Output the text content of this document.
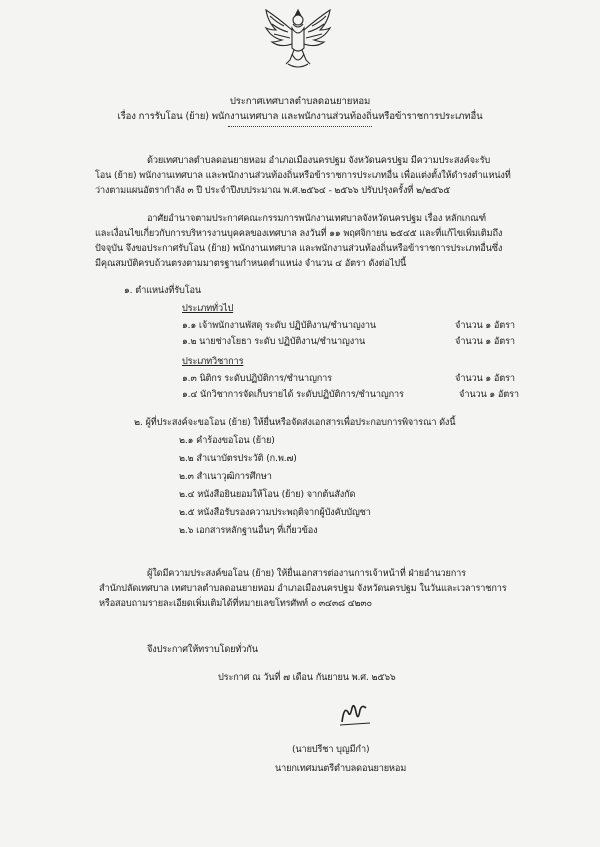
ประกาศเทศบาลตำบลดอนยายหอม
เรื่อง การรับโอน (ย้าย) พนักงานเทศบาล และพนักงานส่วนท้องถิ่นหรือข้าราชการประเภทอื่น
ด้วยเทศบาลตำบลดอนยายหอม อำเภอเมืองนครปฐม จังหวัดนครปฐม มีความประสงค์จะรับ
โอน (ย้าย) พนักงานเทศบาล และพนักงานส่วนท้องถิ่นหรือข้าราชการประเภทอื่น เพื่อแต่งตั้งให้ดำรงตำแหน่งที่
ว่างตามแผนอัตรากำลัง ๓ ปี ประจำปีงบประมาณ พ.ศ.๒๕๖๔ - ๒๕๖๖ ปรับปรุงครั้งที่ ๒/๒๕๖๕
อาศัยอำนาจตามประกาศคณะกรรมการพนักงานเทศบาลจังหวัดนครปฐม เรื่อง หลักเกณฑ์
และเงื่อนไขเกี่ยวกับการบริหารงานบุคคลของเทศบาล ลงวันที่ ๑๑ พฤศจิกายน ๒๕๔๕ และที่แก้ไขเพิ่มเติมถึง
ปัจจุบัน จึงขอประกาศรับโอน (ย้าย) พนักงานเทศบาล และพนักงานส่วนท้องถิ่นหรือข้าราชการประเภทอื่นซึ่ง
มีคุณสมบัติครบถ้วนตรงตามมาตรฐานกำหนดตำแหน่ง จำนวน ๔ อัตรา ดังต่อไปนี้
๑. ตำแหน่งที่รับโอน
ประเภททั่วไป
๑.๑ เจ้าพนักงานพัสดุ ระดับ ปฏิบัติงาน/ชำนาญงาน	จำนวน ๑ อัตรา
๑.๒ นายช่างโยธา ระดับ ปฏิบัติงาน/ชำนาญงาน	จำนวน ๑ อัตรา
ประเภทวิชาการ
๑.๓ นิติกร ระดับปฏิบัติการ/ชำนาญการ	จำนวน ๑ อัตรา
๑.๔ นักวิชาการจัดเก็บรายได้ ระดับปฏิบัติการ/ชำนาญการ	จำนวน ๑ อัตรา
๒. ผู้ที่ประสงค์จะขอโอน (ย้าย) ให้ยื่นหรือจัดส่งเอกสารเพื่อประกอบการพิจารณา ดังนี้
๒.๑ คำร้องขอโอน (ย้าย)
๒.๒ สำเนาบัตรประวัติ (ก.พ.๗)
๒.๓ สำเนาวุฒิการศึกษา
๒.๔ หนังสือยินยอมให้โอน (ย้าย) จากต้นสังกัด
๒.๕ หนังสือรับรองความประพฤติจากผู้บังคับบัญชา
๒.๖ เอกสารหลักฐานอื่นๆ ที่เกี่ยวข้อง
ผู้ใดมีความประสงค์ขอโอน (ย้าย) ให้ยื่นเอกสารต่องานการเจ้าหน้าที่ ฝ่ายอำนวยการ
สำนักปลัดเทศบาล เทศบาลตำบลดอนยายหอม อำเภอเมืองนครปฐม จังหวัดนครปฐม ในวันและเวลาราชการ
หรือสอบถามรายละเอียดเพิ่มเติมได้ที่หมายเลขโทรศัพท์ ๐ ๓๔๓๘ ๔๒๓๐
จึงประกาศให้ทราบโดยทั่วกัน
ประกาศ ณ วันที่ ๗ เดือน กันยายน พ.ศ. ๒๕๖๖
(นายปรีชา บุญมีกำ)
นายกเทศมนตรีตำบลดอนยายหอม
